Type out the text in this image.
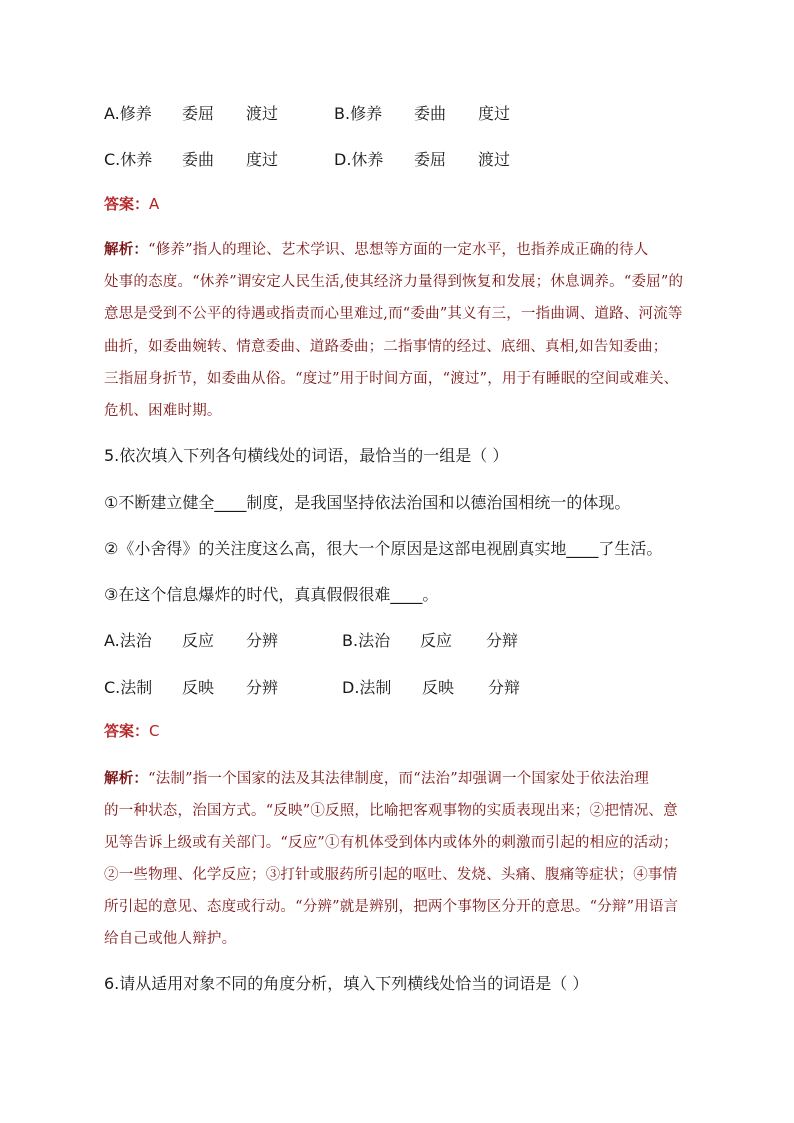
A.修养 委屈 渡过	B.修养 委曲 度过
C.休养 委曲 度过	D.休养 委屈 渡过
答案：A
解析：“修养”指人的理论、艺术学识、思想等方面的一定水平，也指养成正确的待人
处事的态度。“休养”谓安定人民生活,使其经济力量得到恢复和发展；休息调养。“委屈”的
意思是受到不公平的待遇或指责而心里难过,而“委曲”其义有三，一指曲调、道路、河流等
曲折，如委曲婉转、情意委曲、道路委曲；二指事情的经过、底细、真相,如告知委曲；
三指屈身折节，如委曲从俗。“度过”用于时间方面，“渡过”，用于有睡眠的空间或难关、
危机、困难时期。
5.依次填入下列各句横线处的词语，最恰当的一组是（ ）
①不断建立健全____制度，是我国坚持依法治国和以德治国相统一的体现。
②《小舍得》的关注度这么高，很大一个原因是这部电视剧真实地____了生活。
③在这个信息爆炸的时代，真真假假很难____。
A.法治 反应 分辨	B.法治 反应 分辩
C.法制 反映 分辨	D.法制 反映 分辩
答案：C
解析：“法制”指一个国家的法及其法律制度，而“法治”却强调一个国家处于依法治理
的一种状态，治国方式。“反映”①反照，比喻把客观事物的实质表现出来；②把情况、意
见等告诉上级或有关部门。“反应”①有机体受到体内或体外的刺激而引起的相应的活动；
②一些物理、化学反应；③打针或服药所引起的呕吐、发烧、头痛、腹痛等症状；④事情
所引起的意见、态度或行动。“分辨”就是辨别，把两个事物区分开的意思。“分辩”用语言
给自己或他人辩护。
6.请从适用对象不同的角度分析，填入下列横线处恰当的词语是（ ）
